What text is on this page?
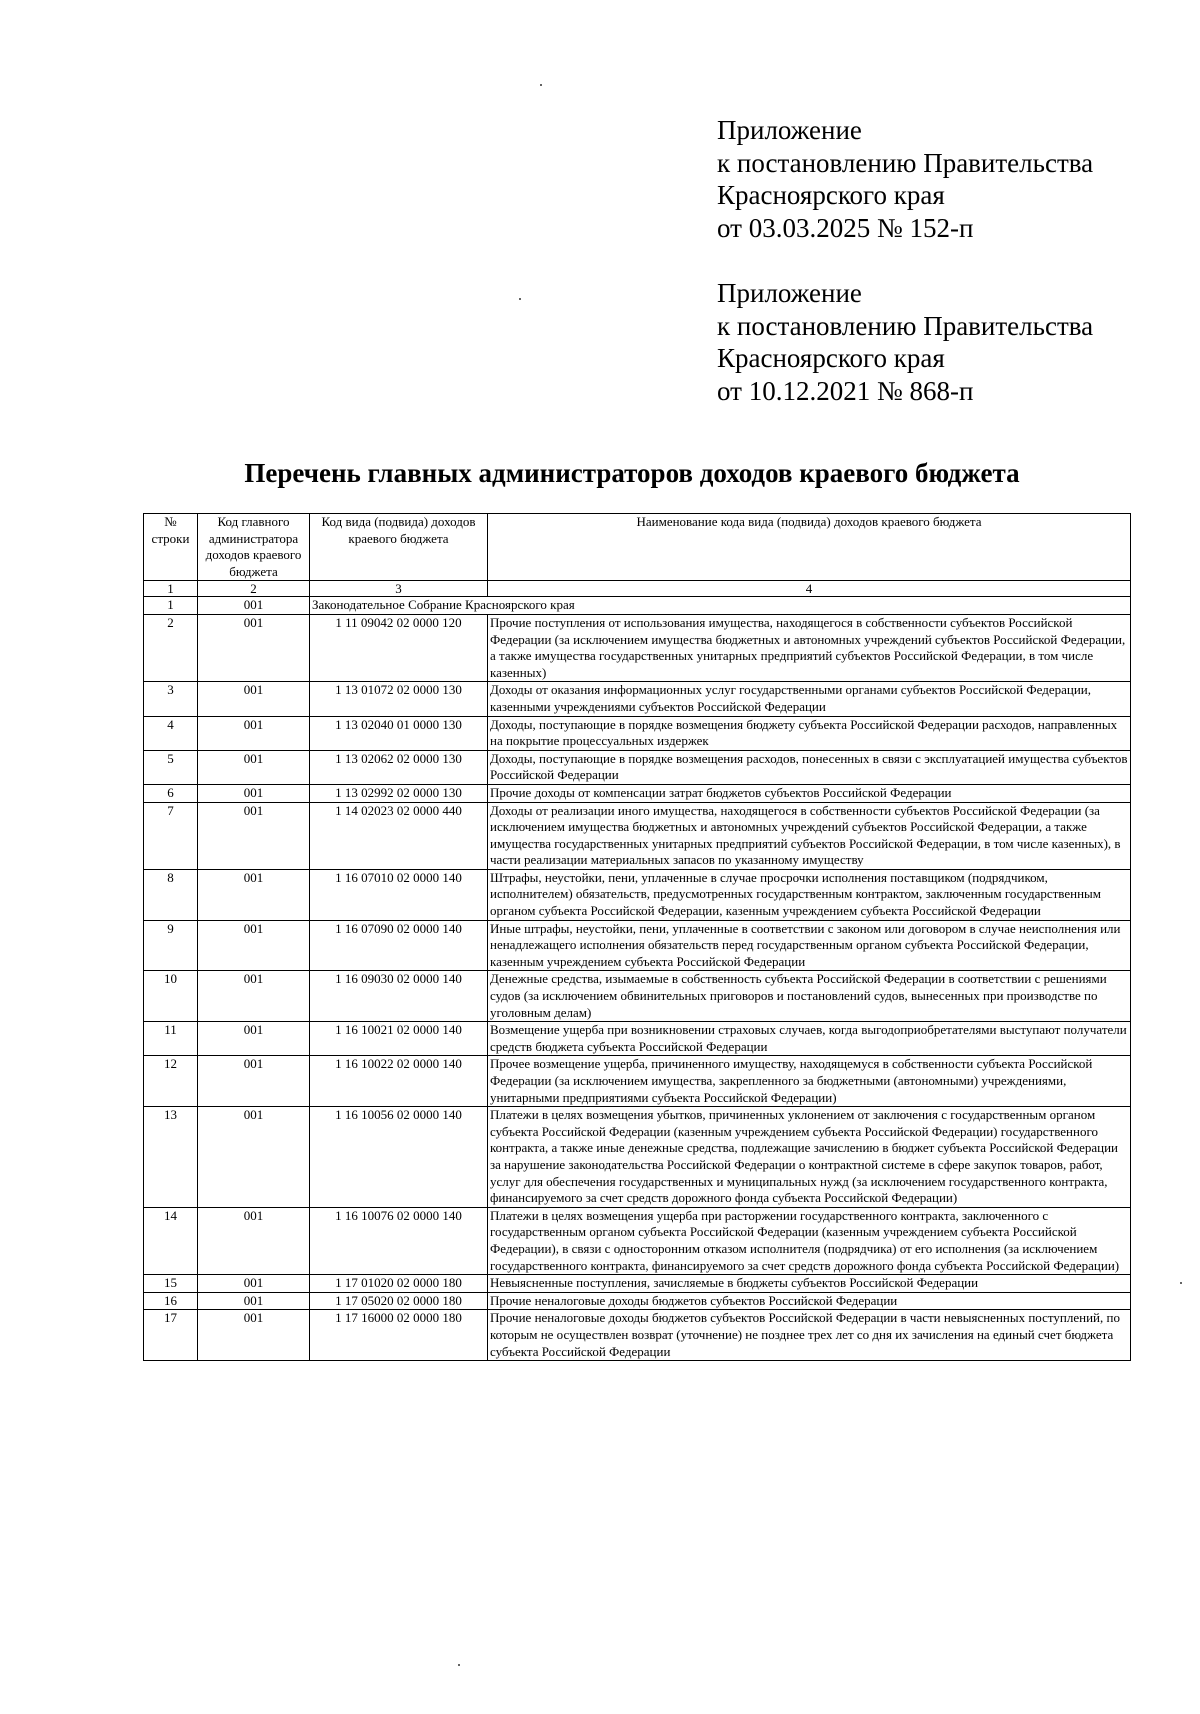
Приложение
к постановлению Правительства
Красноярского края
от 03.03.2025 № 152-п
Приложение
к постановлению Правительства
Красноярского края
от 10.12.2021 № 868-п
Перечень главных администраторов доходов краевого бюджета
№ строки	Код главного администратора доходов краевого бюджета	Код вида (подвида) доходов краевого бюджета	Наименование кода вида (подвида) доходов краевого бюджета
1	2	3	4
1	001	Законодательное Собрание Красноярского края	
2	001	1 11 09042 02 0000 120	Прочие поступления от использования имущества, находящегося в собственности субъектов Российской Федерации (за исключением имущества бюджетных и автономных учреждений субъектов Российской Федерации, а также имущества государственных унитарных предприятий субъектов Российской Федерации, в том числе казенных)
3	001	1 13 01072 02 0000 130	Доходы от оказания информационных услуг государственными органами субъектов Российской Федерации, казенными учреждениями субъектов Российской Федерации
4	001	1 13 02040 01 0000 130	Доходы, поступающие в порядке возмещения бюджету субъекта Российской Федерации расходов, направленных на покрытие процессуальных издержек
5	001	1 13 02062 02 0000 130	Доходы, поступающие в порядке возмещения расходов, понесенных в связи с эксплуатацией имущества субъектов Российской Федерации
6	001	1 13 02992 02 0000 130	Прочие доходы от компенсации затрат бюджетов субъектов Российской Федерации
7	001	1 14 02023 02 0000 440	Доходы от реализации иного имущества, находящегося в собственности субъектов Российской Федерации (за исключением имущества бюджетных и автономных учреждений субъектов Российской Федерации, а также имущества государственных унитарных предприятий субъектов Российской Федерации, в том числе казенных), в части реализации материальных запасов по указанному имуществу
8	001	1 16 07010 02 0000 140	Штрафы, неустойки, пени, уплаченные в случае просрочки исполнения поставщиком (подрядчиком, исполнителем) обязательств, предусмотренных государственным контрактом, заключенным государственным органом субъекта Российской Федерации, казенным учреждением субъекта Российской Федерации
9	001	1 16 07090 02 0000 140	Иные штрафы, неустойки, пени, уплаченные в соответствии с законом или договором в случае неисполнения или ненадлежащего исполнения обязательств перед государственным органом субъекта Российской Федерации, казенным учреждением субъекта Российской Федерации
10	001	1 16 09030 02 0000 140	Денежные средства, изымаемые в собственность субъекта Российской Федерации в соответствии с решениями судов (за исключением обвинительных приговоров и постановлений судов, вынесенных при производстве по уголовным делам)
11	001	1 16 10021 02 0000 140	Возмещение ущерба при возникновении страховых случаев, когда выгодоприобретателями выступают получатели средств бюджета субъекта Российской Федерации
12	001	1 16 10022 02 0000 140	Прочее возмещение ущерба, причиненного имуществу, находящемуся в собственности субъекта Российской Федерации (за исключением имущества, закрепленного за бюджетными (автономными) учреждениями, унитарными предприятиями субъекта Российской Федерации)
13	001	1 16 10056 02 0000 140	Платежи в целях возмещения убытков, причиненных уклонением от заключения с государственным органом субъекта Российской Федерации (казенным учреждением субъекта Российской Федерации) государственного контракта, а также иные денежные средства, подлежащие зачислению в бюджет субъекта Российской Федерации за нарушение законодательства Российской Федерации о контрактной системе в сфере закупок товаров, работ, услуг для обеспечения государственных и муниципальных нужд (за исключением государственного контракта, финансируемого за счет средств дорожного фонда субъекта Российской Федерации)
14	001	1 16 10076 02 0000 140	Платежи в целях возмещения ущерба при расторжении государственного контракта, заключенного с государственным органом субъекта Российской Федерации (казенным учреждением субъекта Российской Федерации), в связи с односторонним отказом исполнителя (подрядчика) от его исполнения (за исключением государственного контракта, финансируемого за счет средств дорожного фонда субъекта Российской Федерации)
15	001	1 17 01020 02 0000 180	Невыясненные поступления, зачисляемые в бюджеты субъектов Российской Федерации
16	001	1 17 05020 02 0000 180	Прочие неналоговые доходы бюджетов субъектов Российской Федерации
17	001	1 17 16000 02 0000 180	Прочие неналоговые доходы бюджетов субъектов Российской Федерации в части невыясненных поступлений, по которым не осуществлен возврат (уточнение) не позднее трех лет со дня их зачисления на единый счет бюджета субъекта Российской Федерации
